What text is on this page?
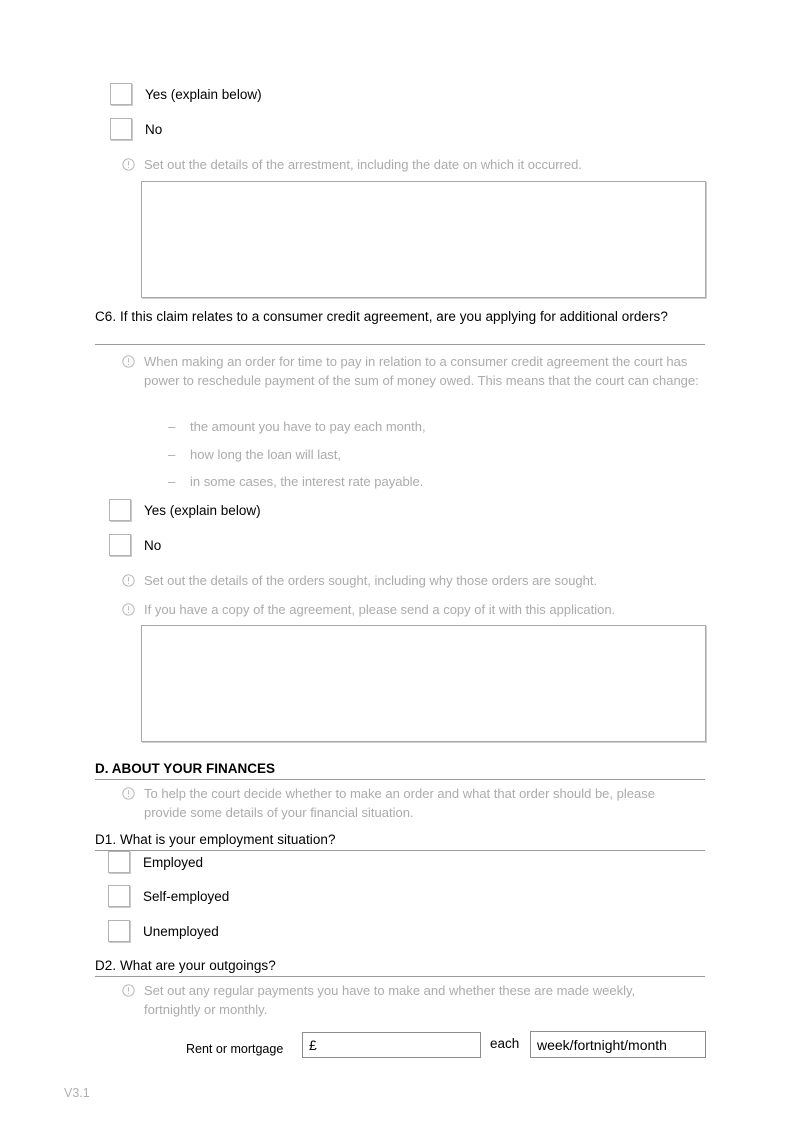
Yes (explain below)
No
Set out the details of the arrestment, including the date on which it occurred.
C6. If this claim relates to a consumer credit agreement, are you applying for additional orders?
When making an order for time to pay in relation to a consumer credit agreement the court has power to reschedule payment of the sum of money owed. This means that the court can change:
–	the amount you have to pay each month,
–	how long the loan will last,
–	in some cases, the interest rate payable.
Yes (explain below)
No
Set out the details of the orders sought, including why those orders are sought.
If you have a copy of the agreement, please send a copy of it with this application.
D. ABOUT YOUR FINANCES
To help the court decide whether to make an order and what that order should be, please provide some details of your financial situation.
D1. What is your employment situation?
Employed
Self-employed
Unemployed
D2. What are your outgoings?
Set out any regular payments you have to make and whether these are made weekly, fortnightly or monthly.
Rent or mortgage	£	each	week/fortnight/month
V3.1
